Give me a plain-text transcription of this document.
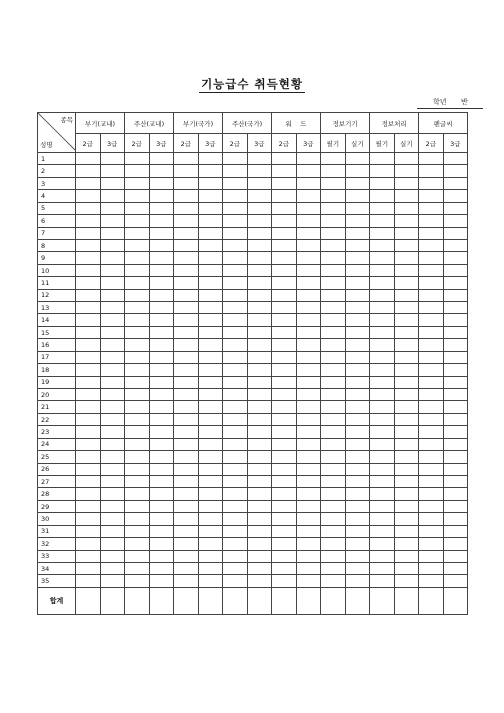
기능급수 취득현황
학년 반
종목
성명	부기(교내)		주산(교내)		부기(국가)		주산(국가)		워    드		정보기기		정보처리		펜글씨	
	2급	3급	2급	3급	2급	3급	2급	3급	2급	3급	필기	실기	필기	실기	2급	3급
1																
2																
3																
4																
5																
6																
7																
8																
9																
10																
11																
12																
13																
14																
15																
16																
17																
18																
19																
20																
21																
22																
23																
24																
25																
26																
27																
28																
29																
30																
31																
32																
33																
34																
35																
합계																
